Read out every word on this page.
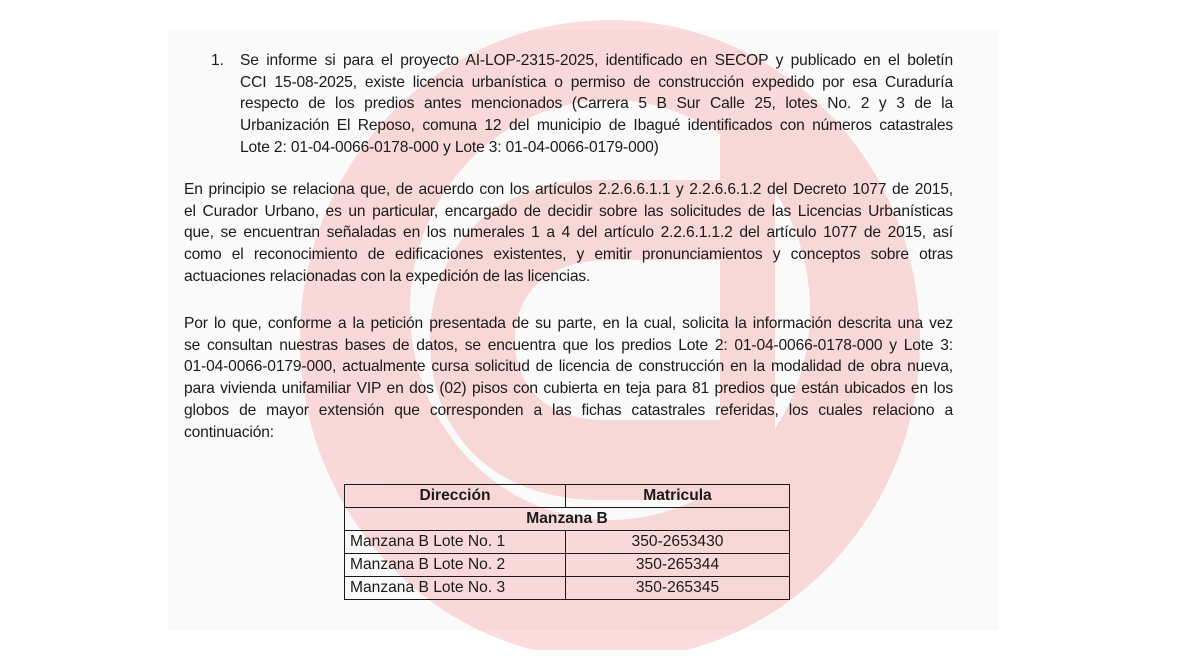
1. Se informe si para el proyecto AI-LOP-2315-2025, identificado en SECOP y publicado en el boletín
CCI 15-08-2025, existe licencia urbanística o permiso de construcción expedido por esa Curaduría
respecto de los predios antes mencionados (Carrera 5 B Sur Calle 25, lotes No. 2 y 3 de la
Urbanización El Reposo, comuna 12 del municipio de Ibagué identificados con números catastrales
Lote 2: 01-04-0066-0178-000 y Lote 3: 01-04-0066-0179-000)
En principio se relaciona que, de acuerdo con los artículos 2.2.6.6.1.1 y 2.2.6.6.1.2 del Decreto 1077 de 2015,
el Curador Urbano, es un particular, encargado de decidir sobre las solicitudes de las Licencias Urbanísticas
que, se encuentran señaladas en los numerales 1 a 4 del artículo 2.2.6.1.1.2 del artículo 1077 de 2015, así
como el reconocimiento de edificaciones existentes, y emitir pronunciamientos y conceptos sobre otras
actuaciones relacionadas con la expedición de las licencias.
Por lo que, conforme a la petición presentada de su parte, en la cual, solicita la información descrita una vez
se consultan nuestras bases de datos, se encuentra que los predios Lote 2: 01-04-0066-0178-000 y Lote 3:
01-04-0066-0179-000, actualmente cursa solicitud de licencia de construcción en la modalidad de obra nueva,
para vivienda unifamiliar VIP en dos (02) pisos con cubierta en teja para 81 predios que están ubicados en los
globos de mayor extensión que corresponden a las fichas catastrales referidas, los cuales relaciono a
continuación:
Dirección	Matricula
Manzana B	
Manzana B Lote No. 1	350-2653430
Manzana B Lote No. 2	350-265344
Manzana B Lote No. 3	350-265345
